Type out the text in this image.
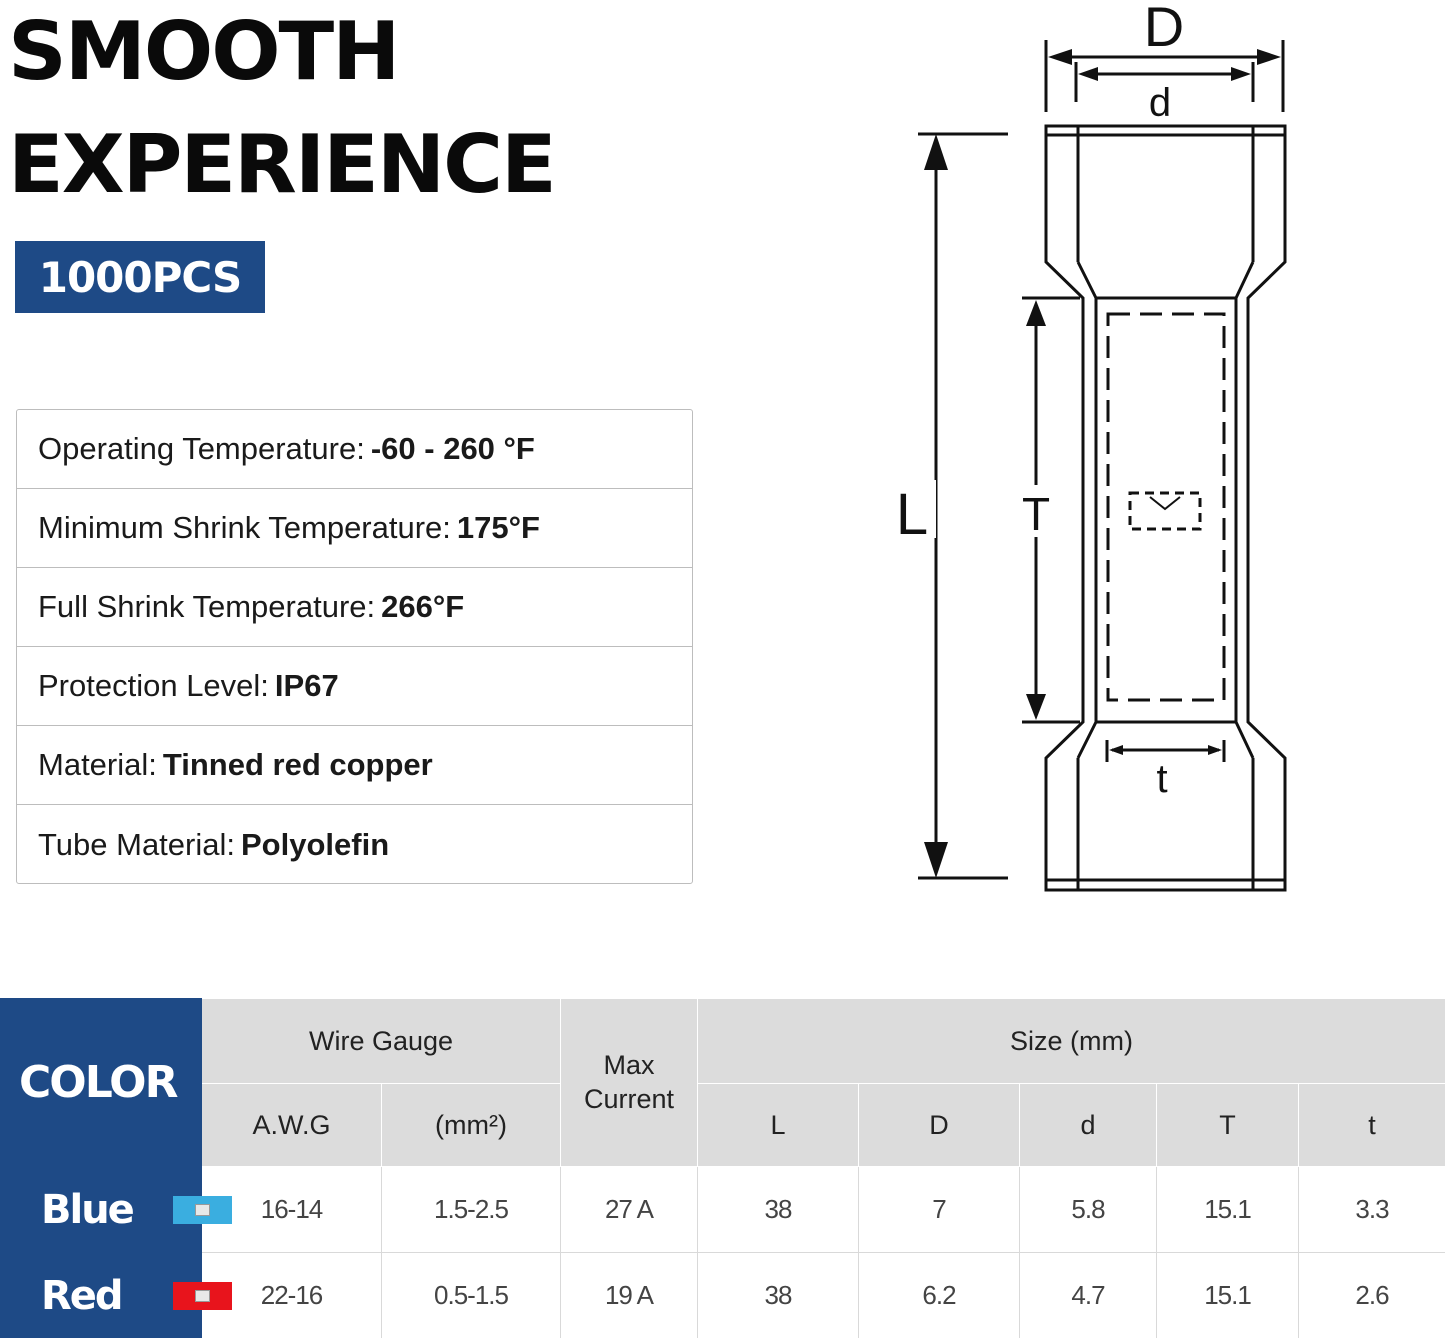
SMOOTH
EXPERIENCE
1000PCS
Operating Temperature: -60 - 260 °F
Minimum Shrink Temperature: 175°F
Full Shrink Temperature: 266°F
Protection Level: IP67
Material: Tinned red copper
Tube Material: Polyolefin
L T
D
d
t
COLOR	Wire Gauge		Max Current	Size (mm)				
	A.W.G	(mm²)		L	D	d	T	t

Blue	16-14	1.5-2.5	27 A	38	7	5.8	15.1	3.3

Red	22-16	0.5-1.5	19 A	38	6.2	4.7	15.1	2.6
